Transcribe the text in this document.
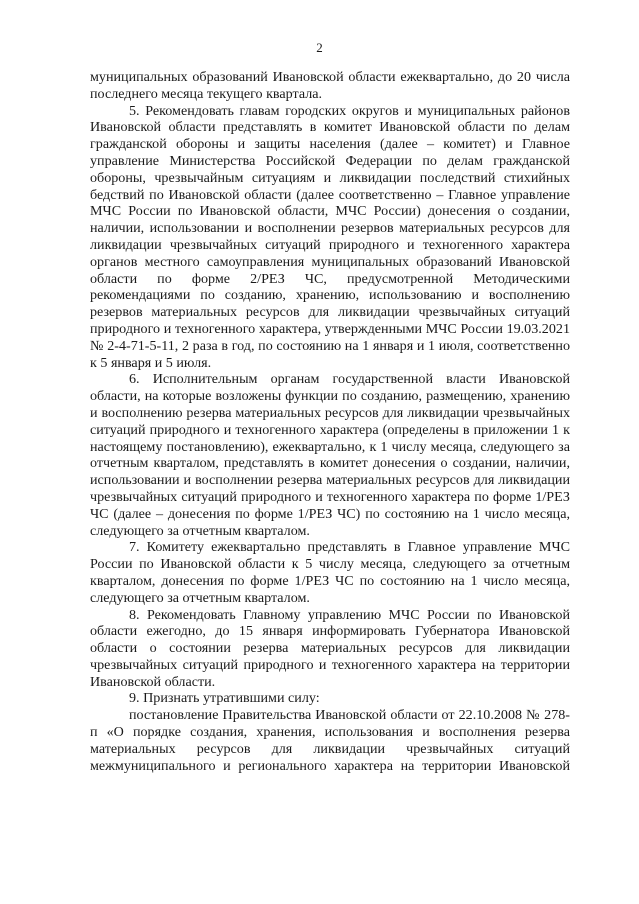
2

муниципальных образований Ивановской области ежеквартально, до 20 числа последнего месяца текущего квартала.

5. Рекомендовать главам городских округов и муниципальных районов Ивановской области представлять в комитет Ивановской области по делам гражданской обороны и защиты населения (далее – комитет) и Главное управление Министерства Российской Федерации по делам гражданской обороны, чрезвычайным ситуациям и ликвидации последствий стихийных бедствий по Ивановской области (далее соответственно – Главное управление МЧС России по Ивановской области, МЧС России) донесения о создании, наличии, использовании и восполнении резервов материальных ресурсов для ликвидации чрезвычайных ситуаций природного и техногенного характера органов местного самоуправления муниципальных образований Ивановской области по форме 2/РЕЗ ЧС, предусмотренной Методическими рекомендациями по созданию, хранению, использованию и восполнению резервов материальных ресурсов для ликвидации чрезвычайных ситуаций природного и техногенного характера, утвержденными МЧС России 19.03.2021 № 2-4-71-5-11, 2 раза в год, по состоянию на 1 января и 1 июля, соответственно к 5 января и 5 июля.

6. Исполнительным органам государственной власти Ивановской области, на которые возложены функции по созданию, размещению, хранению и восполнению резерва материальных ресурсов для ликвидации чрезвычайных ситуаций природного и техногенного характера (определены в приложении 1 к настоящему постановлению), ежеквартально, к 1 числу месяца, следующего за отчетным кварталом, представлять в комитет донесения о создании, наличии, использовании и восполнении резерва материальных ресурсов для ликвидации чрезвычайных ситуаций природного и техногенного характера по форме 1/РЕЗ ЧС (далее – донесения по форме 1/РЕЗ ЧС) по состоянию на 1 число месяца, следующего за отчетным кварталом.

7. Комитету ежеквартально представлять в Главное управление МЧС России по Ивановской области к 5 числу месяца, следующего за отчетным кварталом, донесения по форме 1/РЕЗ ЧС по состоянию на 1 число месяца, следующего за отчетным кварталом.

8. Рекомендовать Главному управлению МЧС России по Ивановской области ежегодно, до 15 января информировать Губернатора Ивановской области о состоянии резерва материальных ресурсов для ликвидации чрезвычайных ситуаций природного и техногенного характера на территории Ивановской области.

9. Признать утратившими силу:

постановление Правительства Ивановской области от 22.10.2008 № 278-п «О порядке создания, хранения, использования и восполнения резерва материальных ресурсов для ликвидации чрезвычайных ситуаций межмуниципального и регионального характера на территории Ивановской
